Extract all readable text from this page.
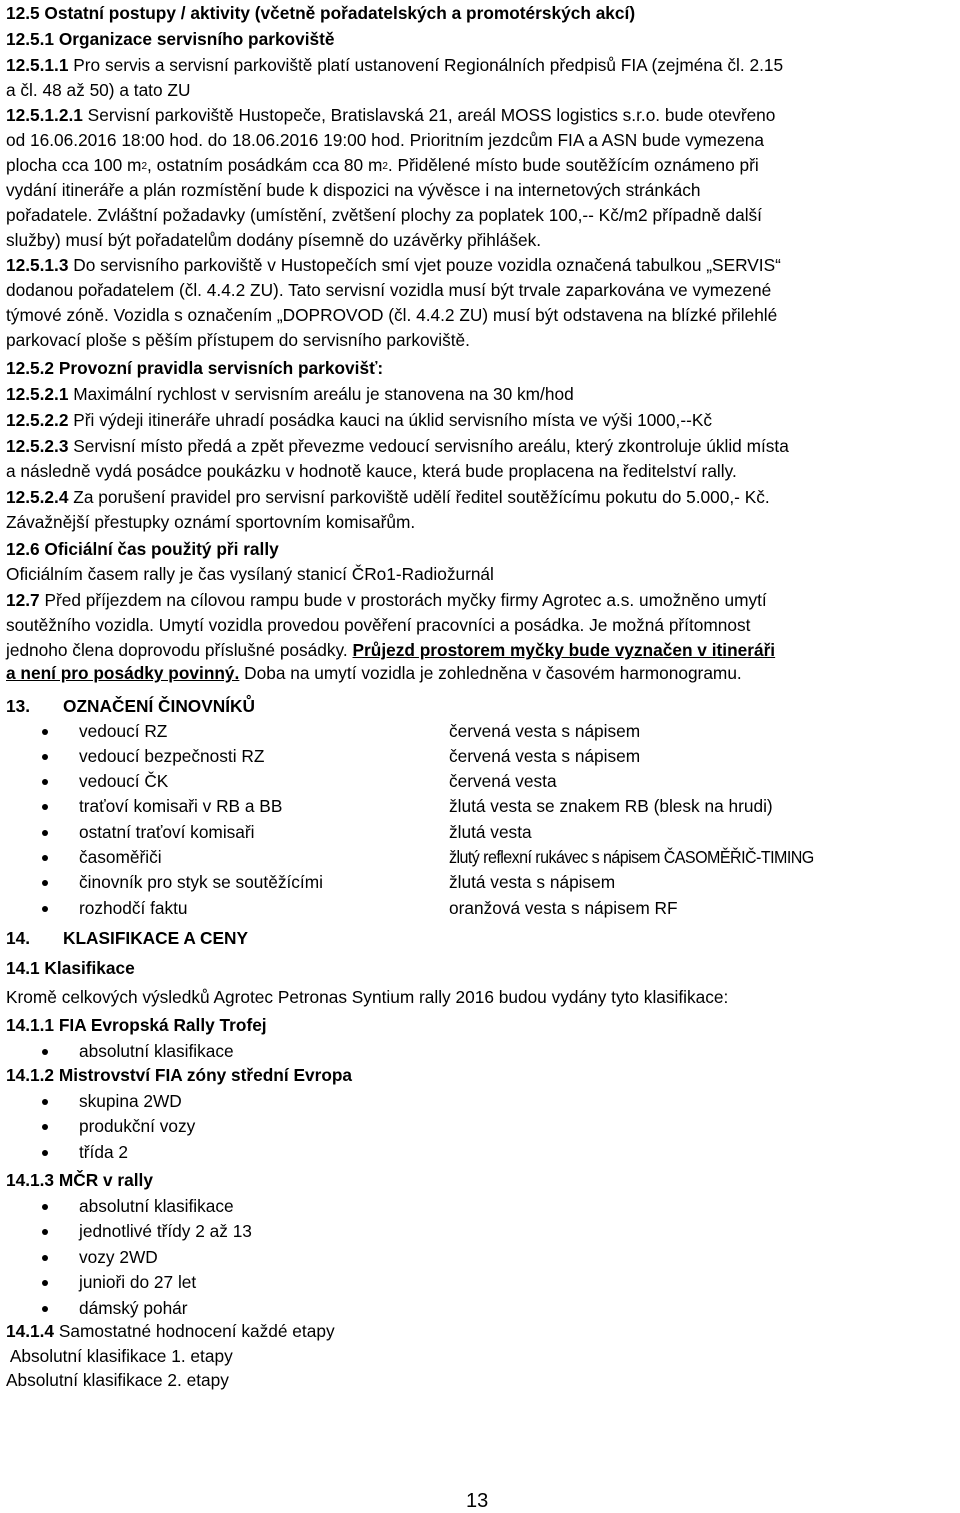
12.5 Ostatní postupy / aktivity (včetně pořadatelských a promotérských akcí)
12.5.1 Organizace servisního parkoviště
12.5.1.1 Pro servis a servisní parkoviště platí ustanovení Regionálních předpisů FIA (zejména čl. 2.15
a čl. 48 až 50) a tato ZU
12.5.1.2.1 Servisní parkoviště Hustopeče, Bratislavská 21, areál MOSS logistics s.r.o. bude otevřeno
od 16.06.2016 18:00 hod. do 18.06.2016 19:00 hod. Prioritním jezdcům FIA a ASN bude vymezena
plocha cca 100 $m^2$, ostatním posádkám cca 80 $m^2$. Přidělené místo bude soutěžícím oznámeno při
vydání itineráře a plán rozmístění bude k dispozici na vývěsce i na internetových stránkách
pořadatele. Zvláštní požadavky (umístění, zvětšení plochy za poplatek 100,-- Kč/m2 případně další
služby) musí být pořadatelům dodány písemně do uzávěrky přihlášek.
12.5.1.3 Do servisního parkoviště v Hustopečích smí vjet pouze vozidla označená tabulkou „SERVIS“
dodanou pořadatelem (čl. 4.4.2 ZU). Tato servisní vozidla musí být trvale zaparkována ve vymezené
týmové zóně. Vozidla s označením „DOPROVOD (čl. 4.4.2 ZU) musí být odstavena na blízké přilehlé
parkovací ploše s pěším přístupem do servisního parkoviště.
12.5.2 Provozní pravidla servisních parkovišť:
12.5.2.1 Maximální rychlost v servisním areálu je stanovena na 30 km/hod
12.5.2.2 Při výdeji itineráře uhradí posádka kauci na úklid servisního místa ve výši 1000,--Kč
12.5.2.3 Servisní místo předá a zpět převezme vedoucí servisního areálu, který zkontroluje úklid místa
a následně vydá posádce poukázku v hodnotě kauce, která bude proplacena na ředitelství rally.
12.5.2.4 Za porušení pravidel pro servisní parkoviště udělí ředitel soutěžícímu pokutu do 5.000,- Kč.
Závažnější přestupky oznámí sportovním komisařům.
12.6 Oficiální čas použitý při rally
Oficiálním časem rally je čas vysílaný stanicí ČRo1-Radiožurnál
12.7 Před příjezdem na cílovou rampu bude v prostorách myčky firmy Agrotec a.s. umožněno umytí
soutěžního vozidla. Umytí vozidla provedou pověření pracovníci a posádka. Je možná přítomnost
jednoho člena doprovodu příslušné posádky. Průjezd prostorem myčky bude vyznačen v itineráři
a není pro posádky povinný. Doba na umytí vozidla je zohledněna v časovém harmonogramu.
13. OZNAČENÍ ČINOVNÍKŮ
vedoucí RZ	červená vesta s nápisem
vedoucí bezpečnosti RZ	červená vesta s nápisem
vedoucí ČK	červená vesta
traťoví komisaři v RB a BB	žlutá vesta se znakem RB (blesk na hrudi)
ostatní traťoví komisaři	žlutá vesta
časoměřiči	žlutý reflexní rukávec s nápisem ČASOMĚŘIČ-TIMING
činovník pro styk se soutěžícími	žlutá vesta s nápisem
rozhodčí faktu	oranžová vesta s nápisem RF
14. KLASIFIKACE A CENY
14.1 Klasifikace
Kromě celkových výsledků Agrotec Petronas Syntium rally 2016 budou vydány tyto klasifikace:
14.1.1 FIA Evropská Rally Trofej
absolutní klasifikace
14.1.2 Mistrovství FIA zóny střední Evropa
skupina 2WD
produkční vozy
třída 2
14.1.3 MČR v rally
absolutní klasifikace
jednotlivé třídy 2 až 13
vozy 2WD
junioři do 27 let
dámský pohár
14.1.4 Samostatné hodnocení každé etapy
Absolutní klasifikace 1. etapy
Absolutní klasifikace 2. etapy
13
